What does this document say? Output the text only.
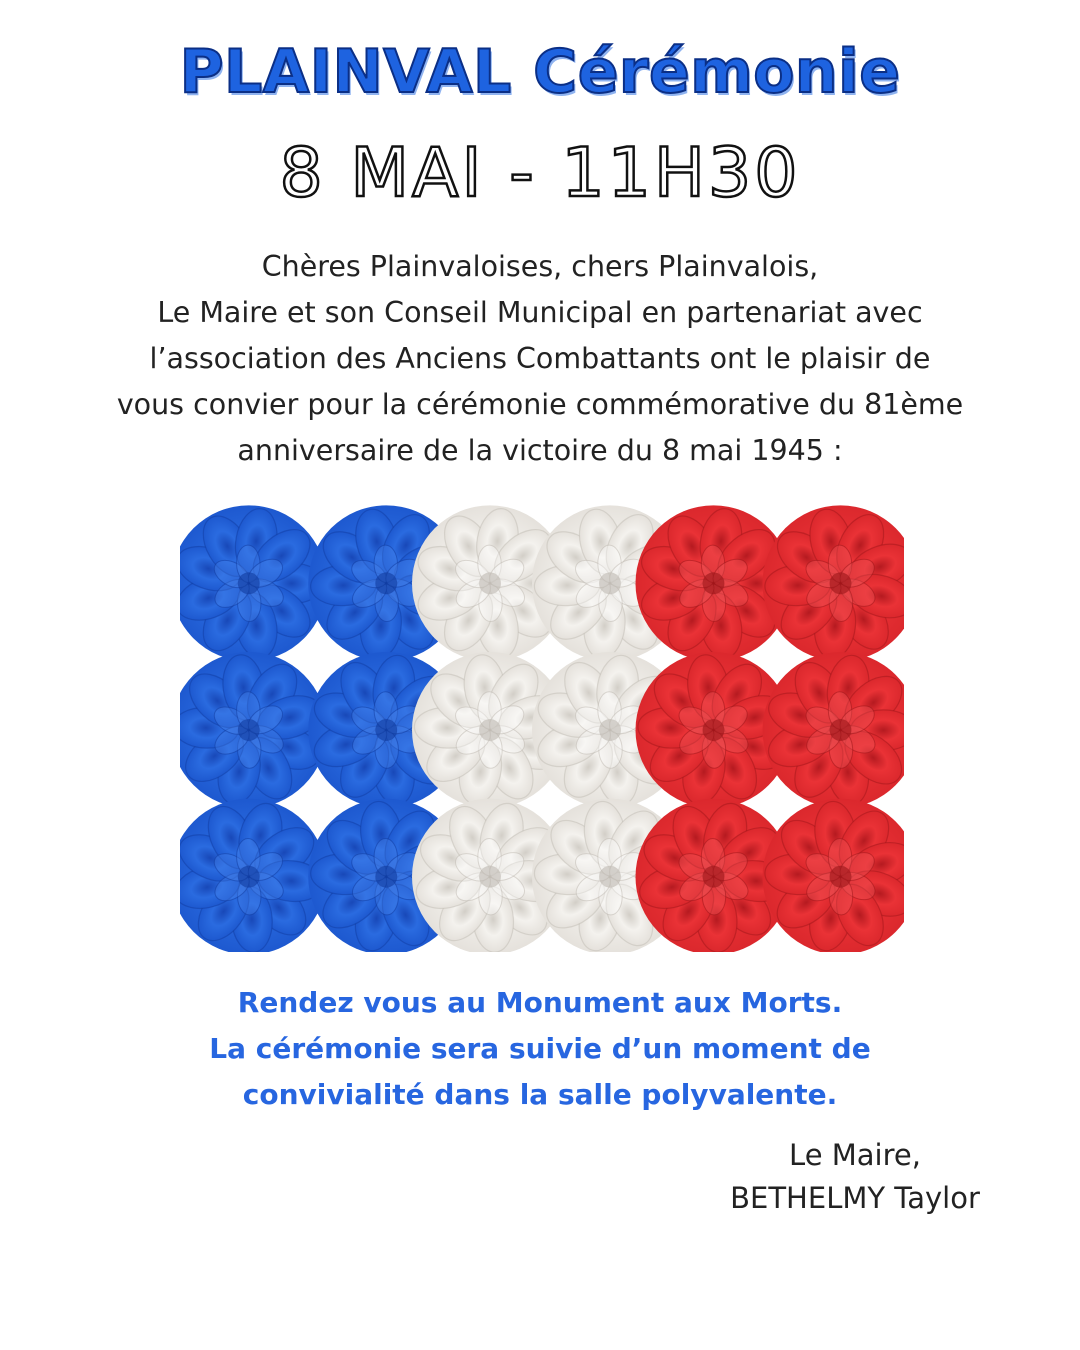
PLAINVAL Cérémonie
8 MAI - 11H30
Chères Plainvaloises, chers Plainvalois,
Le Maire et son Conseil Municipal en partenariat avec
l’association des Anciens Combattants ont le plaisir de
vous convier pour la cérémonie commémorative du 81ème
anniversaire de la victoire du 8 mai 1945 :
Rendez vous au Monument aux Morts.
La cérémonie sera suivie d’un moment de
convivialité dans la salle polyvalente.
Le Maire,
BETHELMY Taylor
